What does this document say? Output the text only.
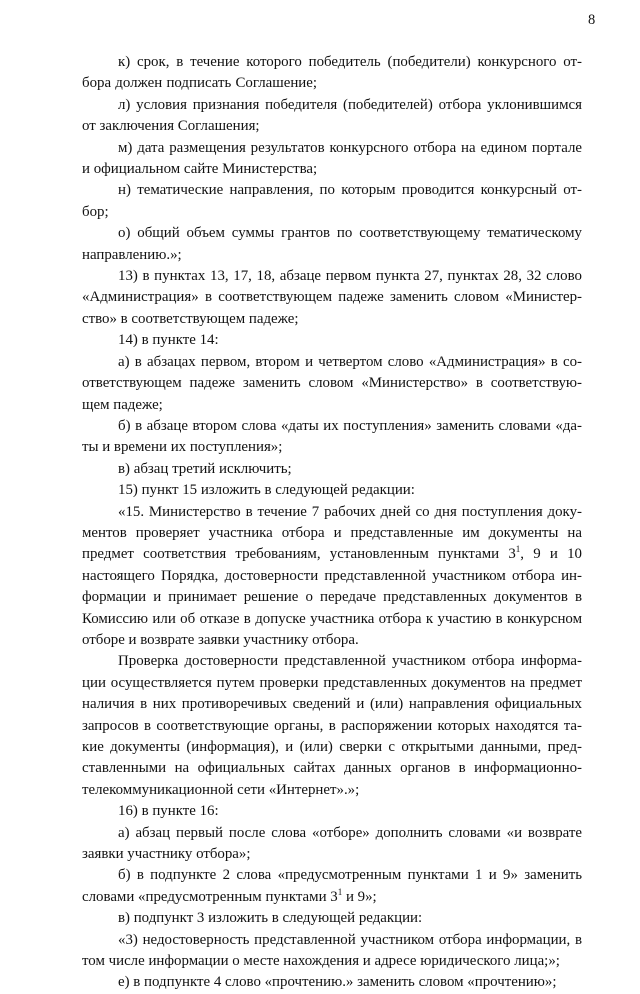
8

к) срок, в течение которого победитель (победители) конкурсного от-бора должен подписать Соглашение;

л) условия признания победителя (победителей) отбора уклонившимся от заключения Соглашения;

м) дата размещения результатов конкурсного отбора на едином портале и официальном сайте Министерства;

н) тематические направления, по которым проводится конкурсный от-бор;

о) общий объем суммы грантов по соответствующему тематическому направлению.»;

13) в пунктах 13, 17, 18, абзаце первом пункта 27, пунктах 28, 32 слово «Администрация» в соответствующем падеже заменить словом «Министер-ство» в соответствующем падеже;

14) в пункте 14:

а) в абзацах первом, втором и четвертом слово «Администрация» в со-ответствующем падеже заменить словом «Министерство» в соответствую-щем падеже;

б) в абзаце втором слова «даты их поступления» заменить словами «да-ты и времени их поступления»;

в) абзац третий исключить;

15) пункт 15 изложить в следующей редакции:

«15. Министерство в течение 7 рабочих дней со дня поступления доку-ментов проверяет участника отбора и представленные им документы на предмет соответствия требованиям, установленным пунктами $3^1$, 9 и 10 настоящего Порядка, достоверности представленной участником отбора ин-формации и принимает решение о передаче представленных документов в Комиссию или об отказе в допуске участника отбора к участию в конкурсном отборе и возврате заявки участнику отбора.

Проверка достоверности представленной участником отбора информа-ции осуществляется путем проверки представленных документов на предмет наличия в них противоречивых сведений и (или) направления официальных запросов в соответствующие органы, в распоряжении которых находятся та-кие документы (информация), и (или) сверки с открытыми данными, пред-ставленными на официальных сайтах данных органов в информационно-телекоммуникационной сети «Интернет».»;

16) в пункте 16:

а) абзац первый после слова «отборе» дополнить словами «и возврате заявки участнику отбора»;

б) в подпункте 2 слова «предусмотренным пунктами 1 и 9» заменить словами «предусмотренным пунктами $3^1$ и 9»;

в) подпункт 3 изложить в следующей редакции:

«3) недостоверность представленной участником отбора информации, в том числе информации о месте нахождения и адресе юридического лица;»;

е) в подпункте 4 слово «прочтению.» заменить словом «прочтению»;
